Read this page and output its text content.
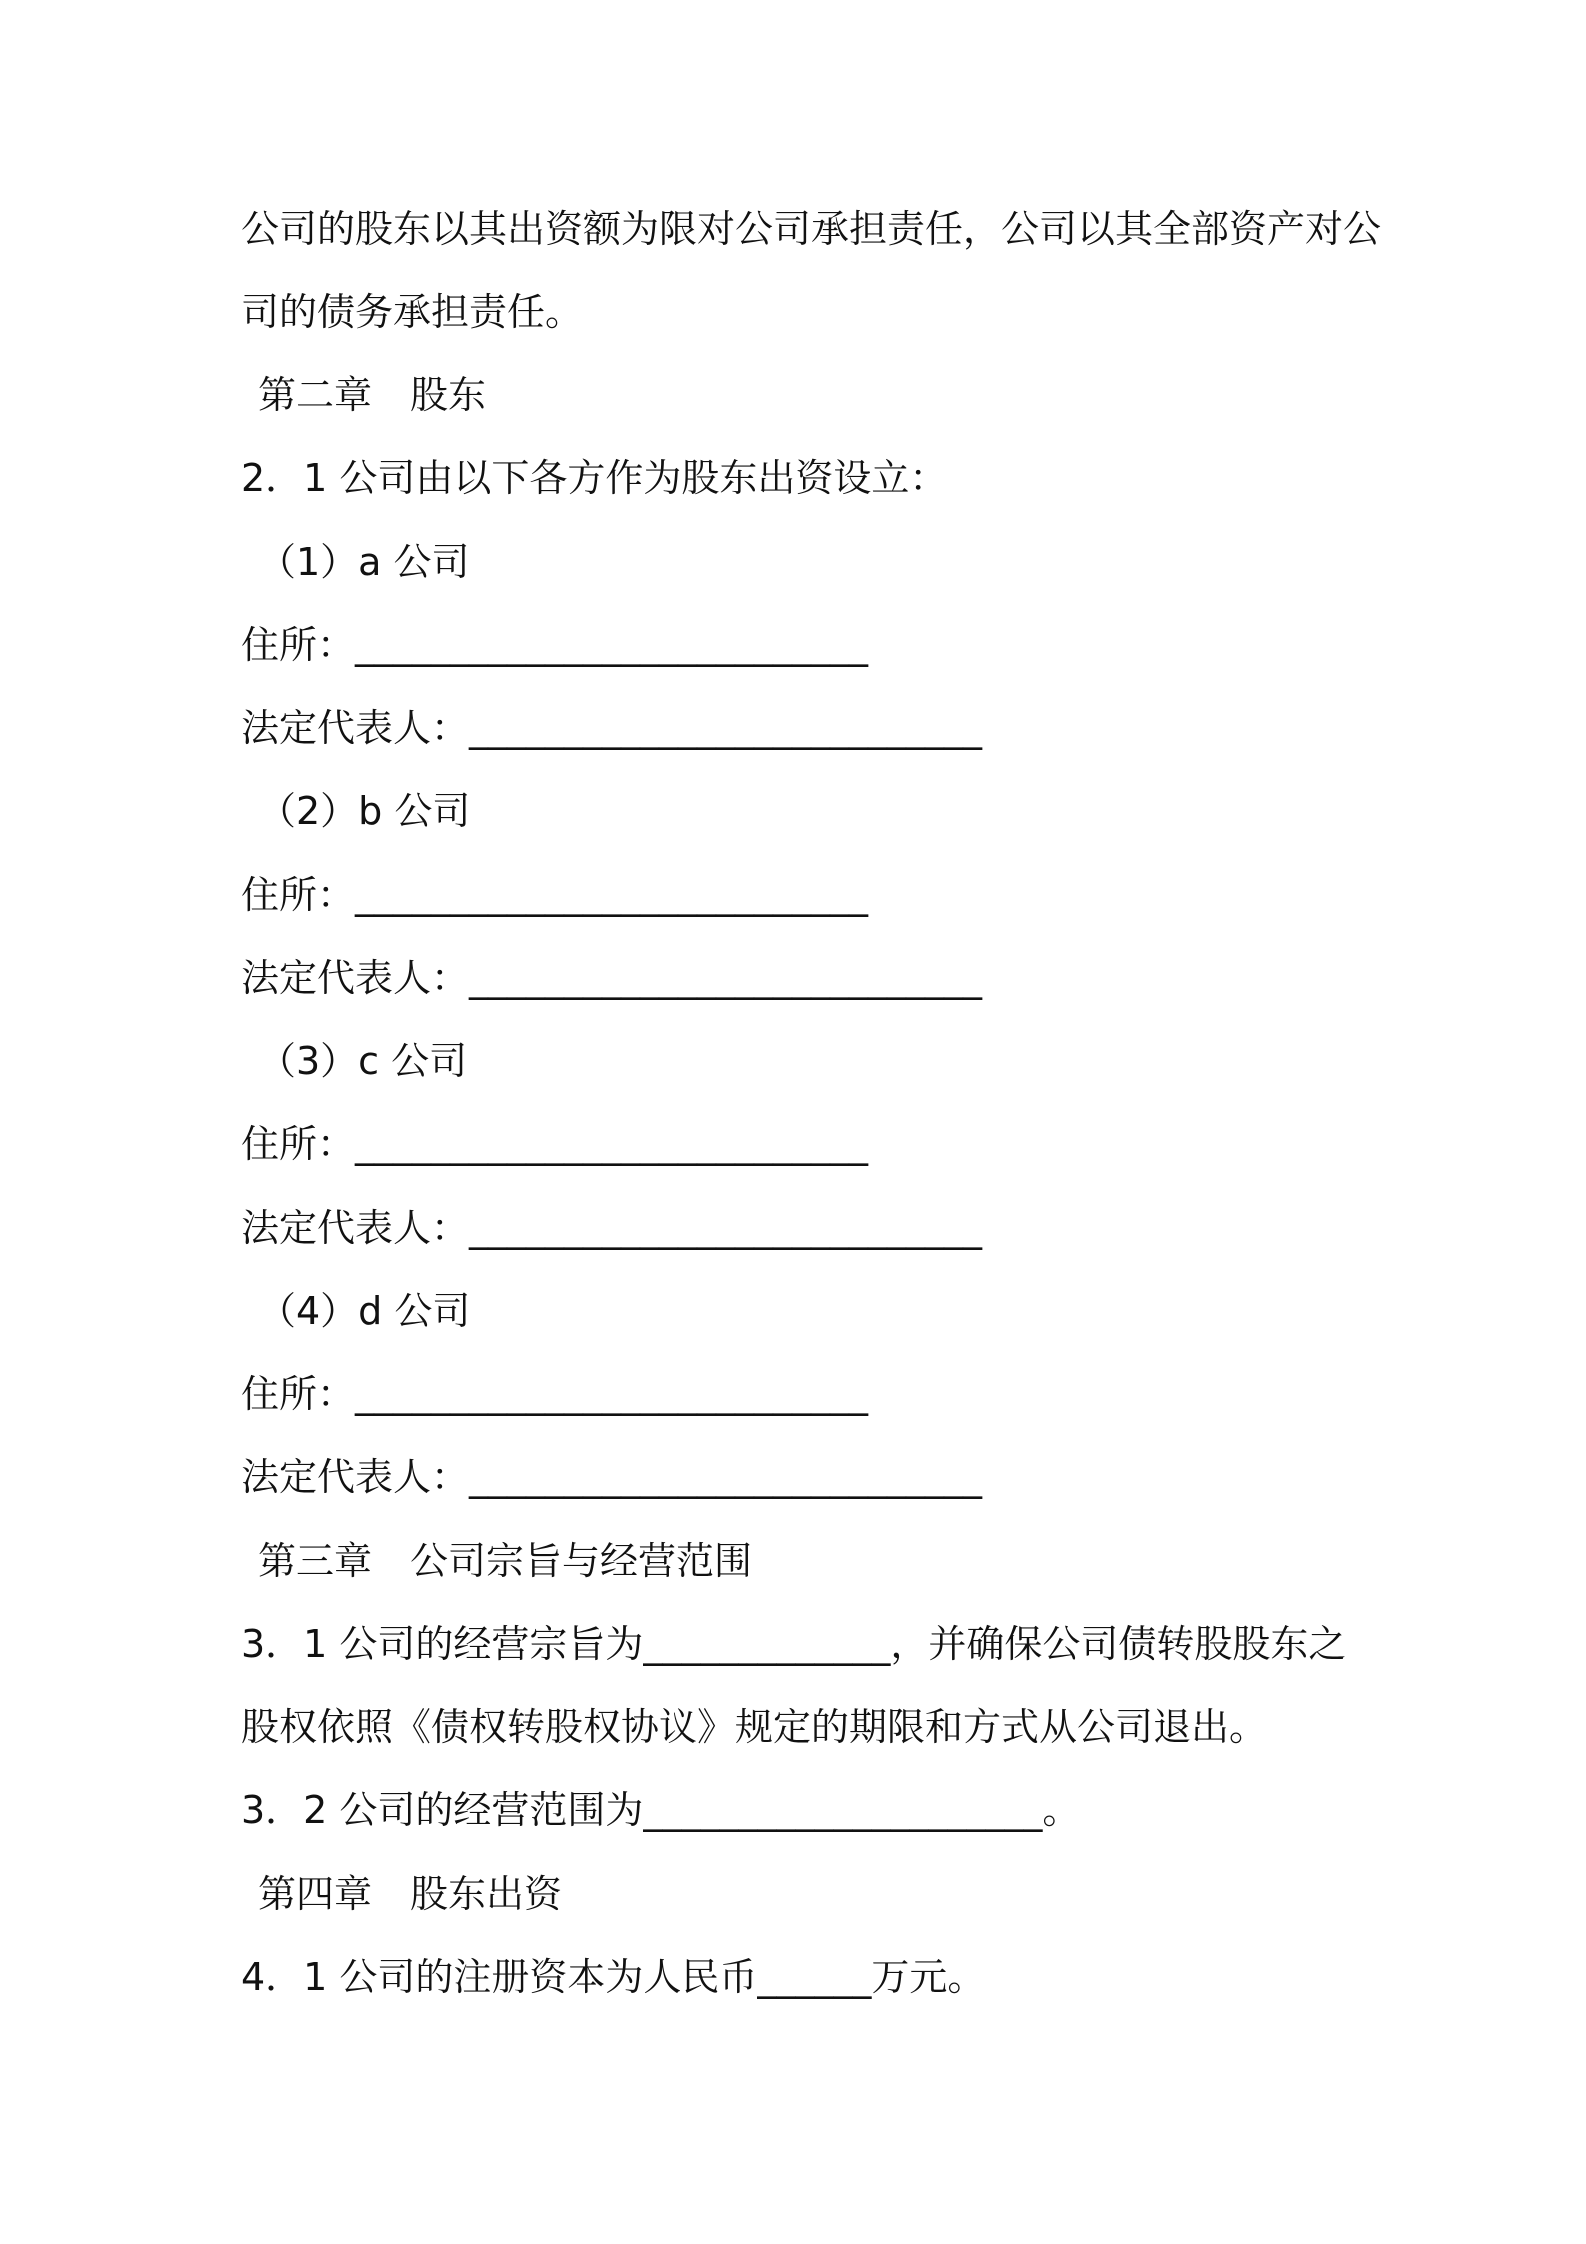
公司的股东以其出资额为限对公司承担责任，公司以其全部资产对公
司的债务承担责任。
第二章　股东
2．1 公司由以下各方作为股东出资设立：
（1）a 公司
住所：___________________________
法定代表人：___________________________
（2）b 公司
住所：___________________________
法定代表人：___________________________
（3）c 公司
住所：___________________________
法定代表人：___________________________
（4）d 公司
住所：___________________________
法定代表人：___________________________
第三章　公司宗旨与经营范围
3．1 公司的经营宗旨为_____________，并确保公司债转股股东之
股权依照《债权转股权协议》规定的期限和方式从公司退出。
3．2 公司的经营范围为_____________________。
第四章　股东出资
4．1 公司的注册资本为人民币______万元。
